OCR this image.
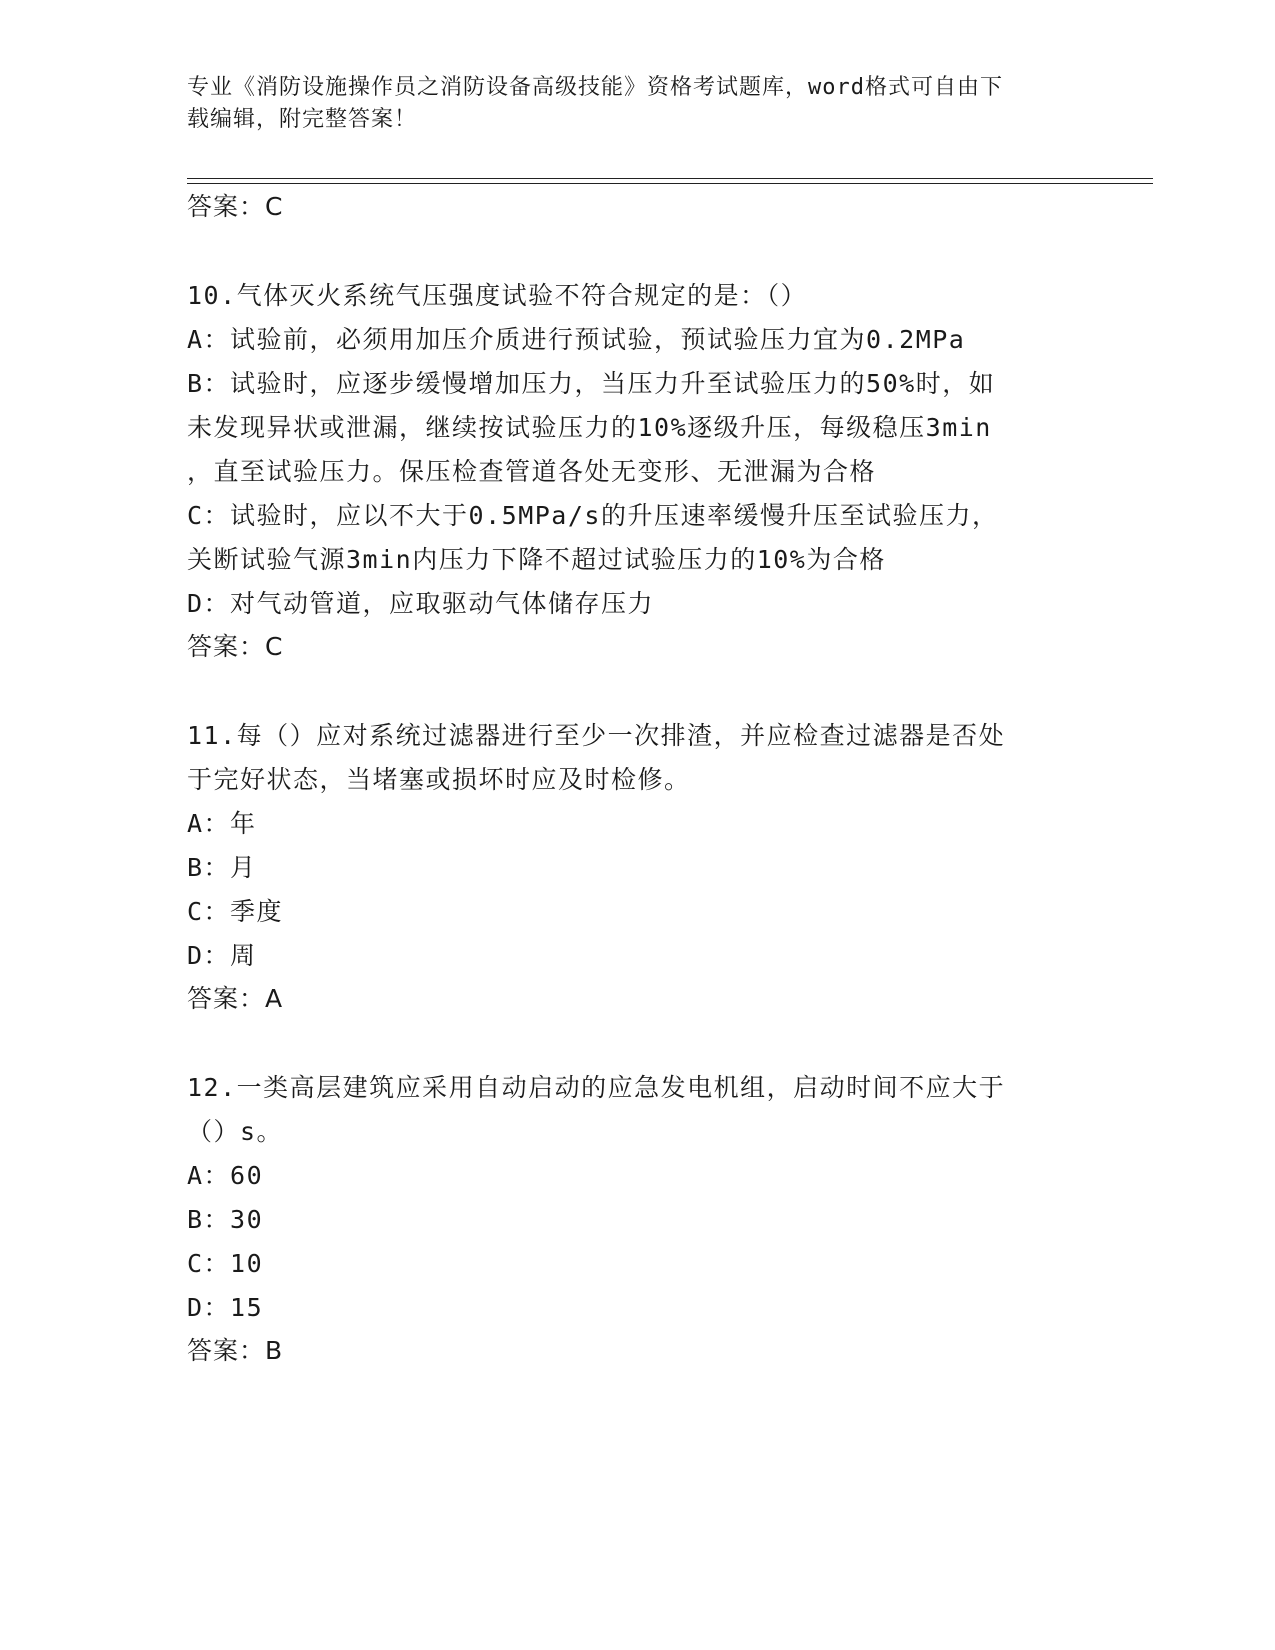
专业《消防设施操作员之消防设备高级技能》资格考试题库，word格式可自由下
载编辑，附完整答案！
答案：C
10.气体灭火系统气压强度试验不符合规定的是：（）
A：试验前，必须用加压介质进行预试验，预试验压力宜为0.2MPa
B：试验时，应逐步缓慢增加压力，当压力升至试验压力的50%时，如
未发现异状或泄漏，继续按试验压力的10%逐级升压，每级稳压3min
，直至试验压力。保压检查管道各处无变形、无泄漏为合格
C：试验时，应以不大于0.5MPa/s的升压速率缓慢升压至试验压力，
关断试验气源3min内压力下降不超过试验压力的10%为合格
D：对气动管道，应取驱动气体储存压力
答案：C
11.每（）应对系统过滤器进行至少一次排渣，并应检查过滤器是否处
于完好状态，当堵塞或损坏时应及时检修。
A：年
B：月
C：季度
D：周
答案：A
12.一类高层建筑应采用自动启动的应急发电机组，启动时间不应大于
（）s。
A：60
B：30
C：10
D：15
答案：B
